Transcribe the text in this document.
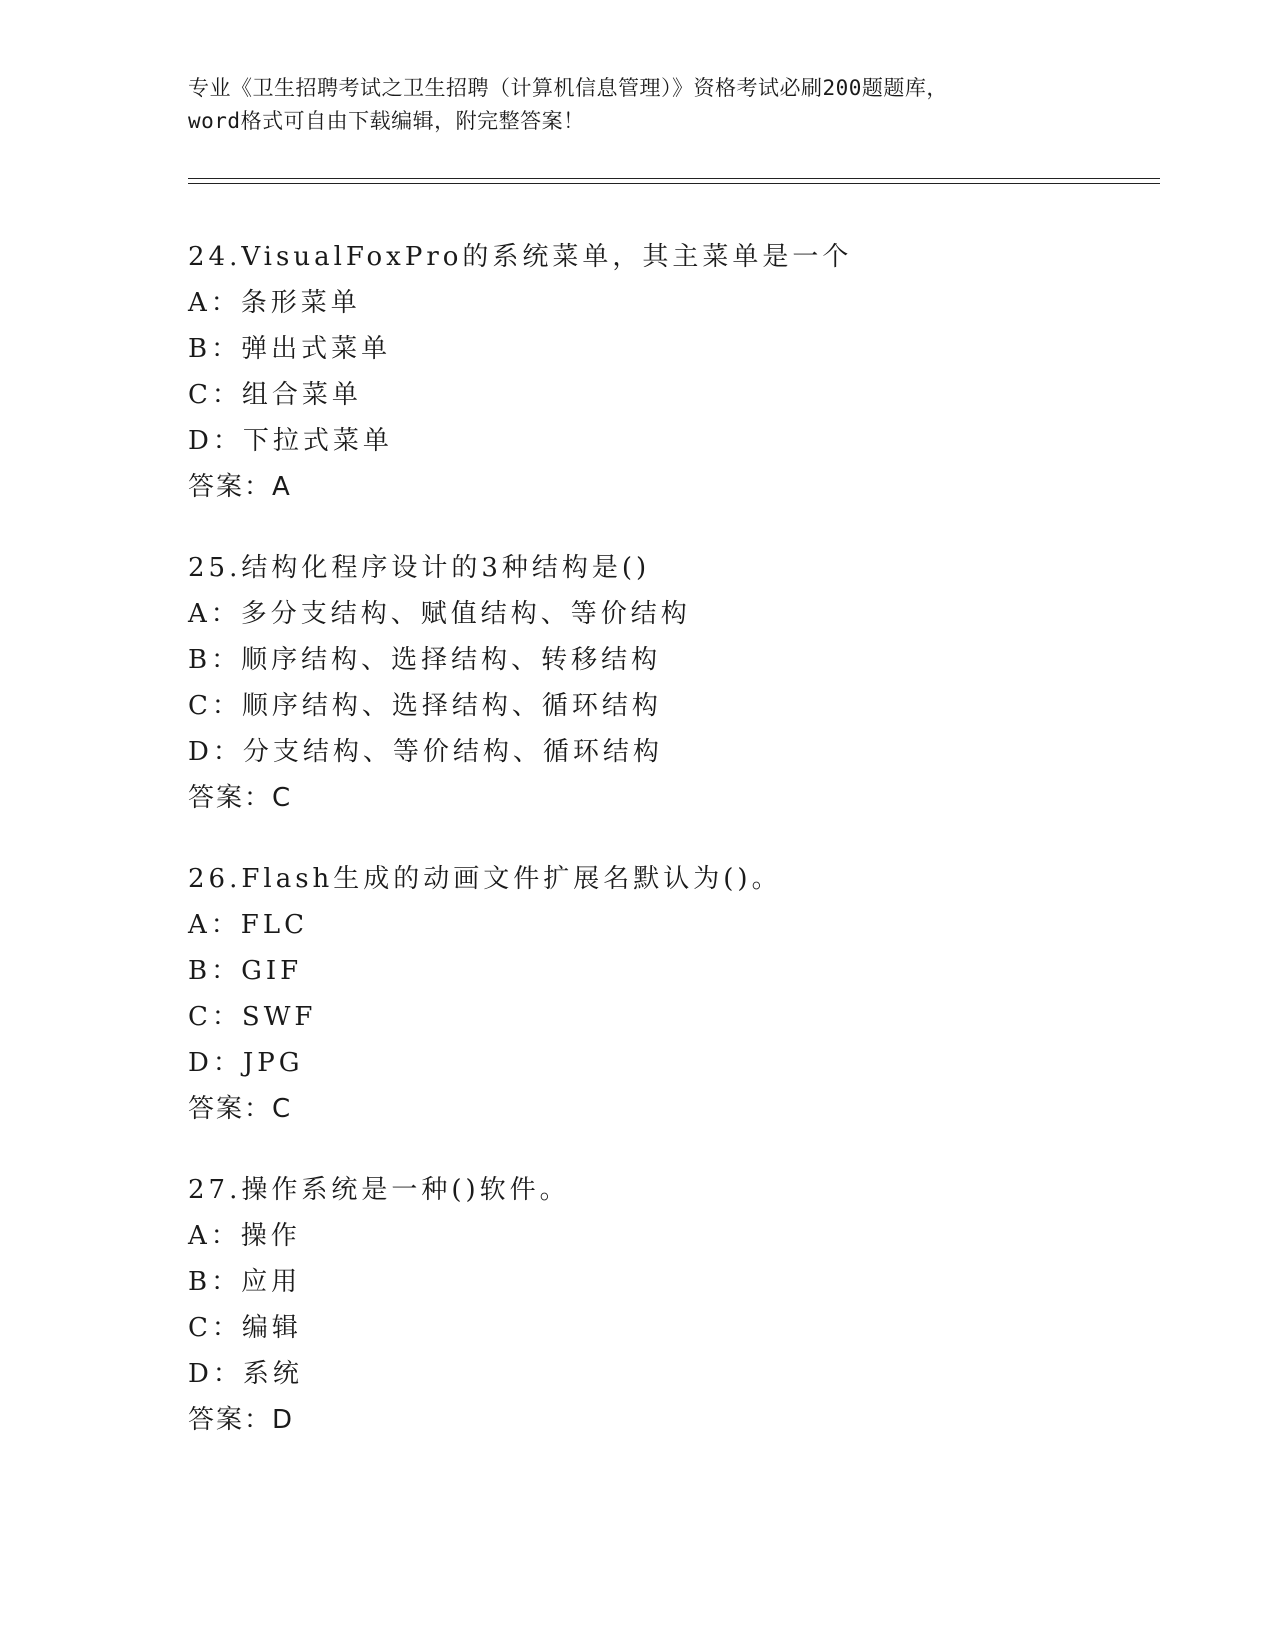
专业《卫生招聘考试之卫生招聘（计算机信息管理）》资格考试必刷200题题库，
word格式可自由下载编辑，附完整答案！
24.VisualFoxPro的系统菜单，其主菜单是一个
A：条形菜单
B：弹出式菜单
C：组合菜单
D：下拉式菜单
答案：A
25.结构化程序设计的3种结构是()
A：多分支结构、赋值结构、等价结构
B：顺序结构、选择结构、转移结构
C：顺序结构、选择结构、循环结构
D：分支结构、等价结构、循环结构
答案：C
26.Flash生成的动画文件扩展名默认为()。
A：FLC
B：GIF
C：SWF
D：JPG
答案：C
27.操作系统是一种()软件。
A：操作
B：应用
C：编辑
D：系统
答案：D
